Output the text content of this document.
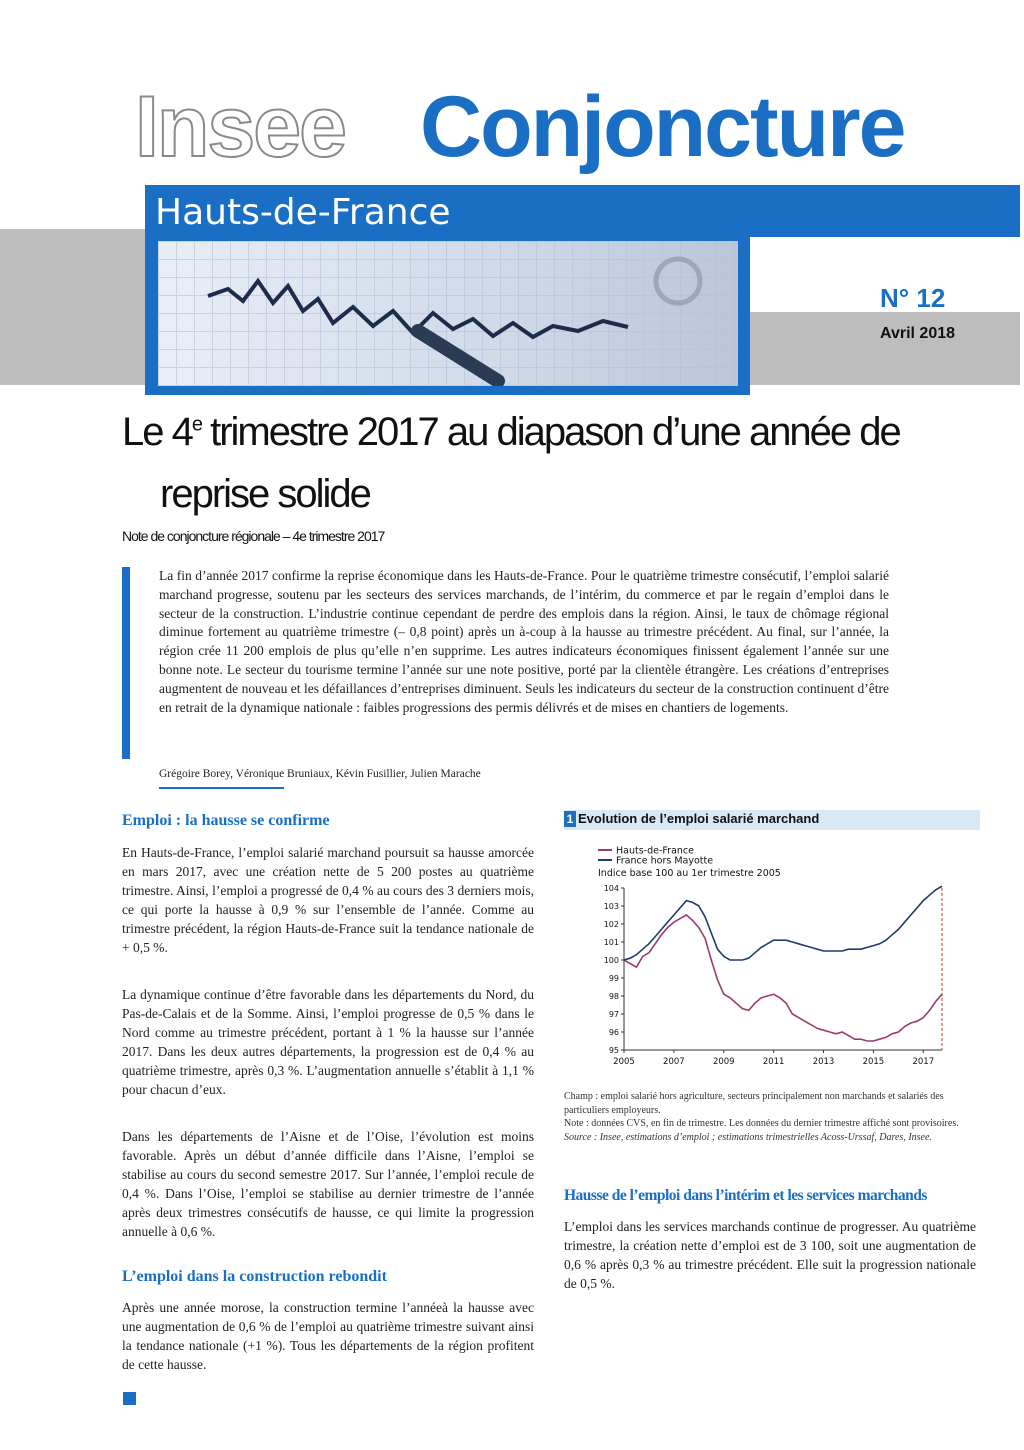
Insee Conjoncture
Hauts-de-France
N° 12
Avril 2018
Le 4e trimestre 2017 au diapason d’une année de
reprise solide
Note de conjoncture régionale – 4e trimestre 2017
La fin d’année 2017 confirme la reprise économique dans les Hauts-de-France. Pour le quatrième trimestre consécutif, l’emploi salarié marchand progresse, soutenu par les secteurs des services marchands, de l’intérim, du commerce et par le regain d’emploi dans le secteur de la construction. L’industrie continue cependant de perdre des emplois dans la région. Ainsi, le taux de chômage régional diminue fortement au quatrième trimestre (– 0,8 point) après un à-coup à la hausse au trimestre précédent. Au final, sur l’année, la région crée 11 200 emplois de plus qu’elle n’en supprime. Les autres indicateurs économiques finissent également l’année sur une bonne note. Le secteur du tourisme termine l’année sur une note positive, porté par la clientèle étrangère. Les créations d’entreprises augmentent de nouveau et les défaillances d’entreprises diminuent. Seuls les indicateurs du secteur de la construction continuent d’être en retrait de la dynamique nationale : faibles progressions des permis délivrés et de mises en chantiers de logements.
Grégoire Borey, Véronique Bruniaux, Kévin Fusillier, Julien Marache
Emploi : la hausse se confirme
En Hauts-de-France, l’emploi salarié marchand poursuit sa hausse amorcée en mars 2017, avec une création nette de 5 200 postes au quatrième trimestre. Ainsi, l’emploi a progressé de 0,4 % au cours des 3 derniers mois, ce qui porte la hausse à 0,9 % sur l’ensemble de l’année. Comme au trimestre précédent, la région Hauts-de-France suit la tendance nationale de + 0,5 %.
La dynamique continue d’être favorable dans les départements du Nord, du Pas-de-Calais et de la Somme. Ainsi, l’emploi progresse de 0,5 % dans le Nord comme au trimestre précédent, portant à 1 % la hausse sur l’année 2017. Dans les deux autres départements, la progression est de 0,4 % au quatrième trimestre, après 0,3 %. L’augmentation annuelle s’établit à 1,1 % pour chacun d’eux.
Dans les départements de l’Aisne et de l’Oise, l’évolution est moins favorable. Après un début d’année difficile dans l’Aisne, l’emploi se stabilise au cours du second semestre 2017. Sur l’année, l’emploi recule de 0,4 %. Dans l’Oise, l’emploi se stabilise au dernier trimestre de l’année après deux trimestres consécutifs de hausse, ce qui limite la progression annuelle à 0,6 %.
L’emploi dans la construction rebondit
Après une année morose, la construction termine l’annéeà la hausse avec une augmentation de 0,6 % de l’emploi au quatrième trimestre suivant ainsi la tendance nationale (+1 %). Tous les départements de la région profitent de cette hausse.
1 Evolution de l’emploi salarié marchand
Hauts-de-France
France hors Mayotte
Indice base 100 au 1er trimestre 2005
104
103
102
101
100
99
98
97
96
95
2005	2007	2009	2011	2013	2015	2017
Champ : emploi salarié hors agriculture, secteurs principalement non marchands et salariés des particuliers employeurs.
Note : données CVS, en fin de trimestre. Les données du dernier trimestre affiché sont provisoires.
Source : Insee, estimations d’emploi ; estimations trimestrielles Acoss-Urssaf, Dares, Insee.
Hausse de l’emploi dans l’intérim et les services marchands
L’emploi dans les services marchands continue de progresser. Au quatrième trimestre, la création nette d’emploi est de 3 100, soit une augmentation de 0,6 % après 0,3 % au trimestre précédent. Elle suit la progression nationale de 0,5 %.
